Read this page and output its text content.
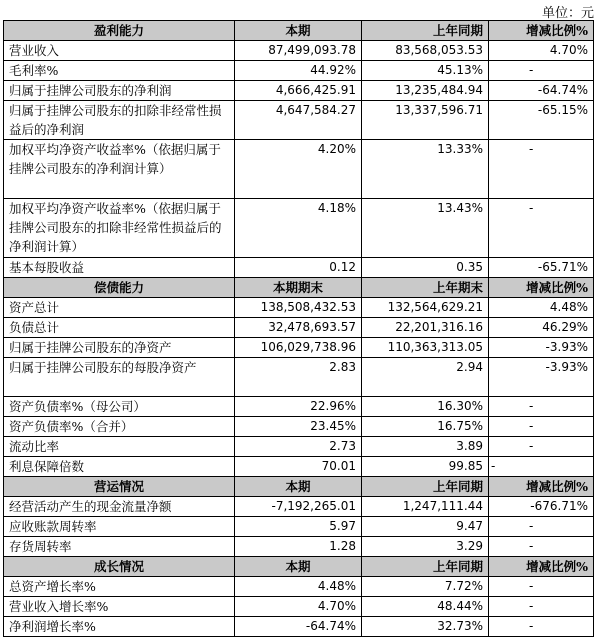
单位：元
盈利能力	本期	上年同期	增减比例%
营业收入	87,499,093.78	83,568,053.53	4.70%
毛利率%	44.92%	45.13%	-
归属于挂牌公司股东的净利润	4,666,425.91	13,235,484.94	-64.74%
归属于挂牌公司股东的扣除非经常性损益后的净利润	4,647,584.27	13,337,596.71	-65.15%
加权平均净资产收益率%（依据归属于挂牌公司股东的净利润计算）	4.20%	13.33%	-
加权平均净资产收益率%（依据归属于挂牌公司股东的扣除非经常性损益后的净利润计算）	4.18%	13.43%	-
基本每股收益	0.12	0.35	-65.71%
偿债能力	本期期末	上年期末	增减比例%
资产总计	138,508,432.53	132,564,629.21	4.48%
负债总计	32,478,693.57	22,201,316.16	46.29%
归属于挂牌公司股东的净资产	106,029,738.96	110,363,313.05	-3.93%
归属于挂牌公司股东的每股净资产	2.83	2.94	-3.93%
资产负债率%（母公司）	22.96%	16.30%	-
资产负债率%（合并）	23.45%	16.75%	-
流动比率	2.73	3.89	-
利息保障倍数	70.01	99.85	-
营运情况	本期	上年同期	增减比例%
经营活动产生的现金流量净额	-7,192,265.01	1,247,111.44	-676.71%
应收账款周转率	5.97	9.47	-
存货周转率	1.28	3.29	-
成长情况	本期	上年同期	增减比例%
总资产增长率%	4.48%	7.72%	-
营业收入增长率%	4.70%	48.44%	-
净利润增长率%	-64.74%	32.73%	-
